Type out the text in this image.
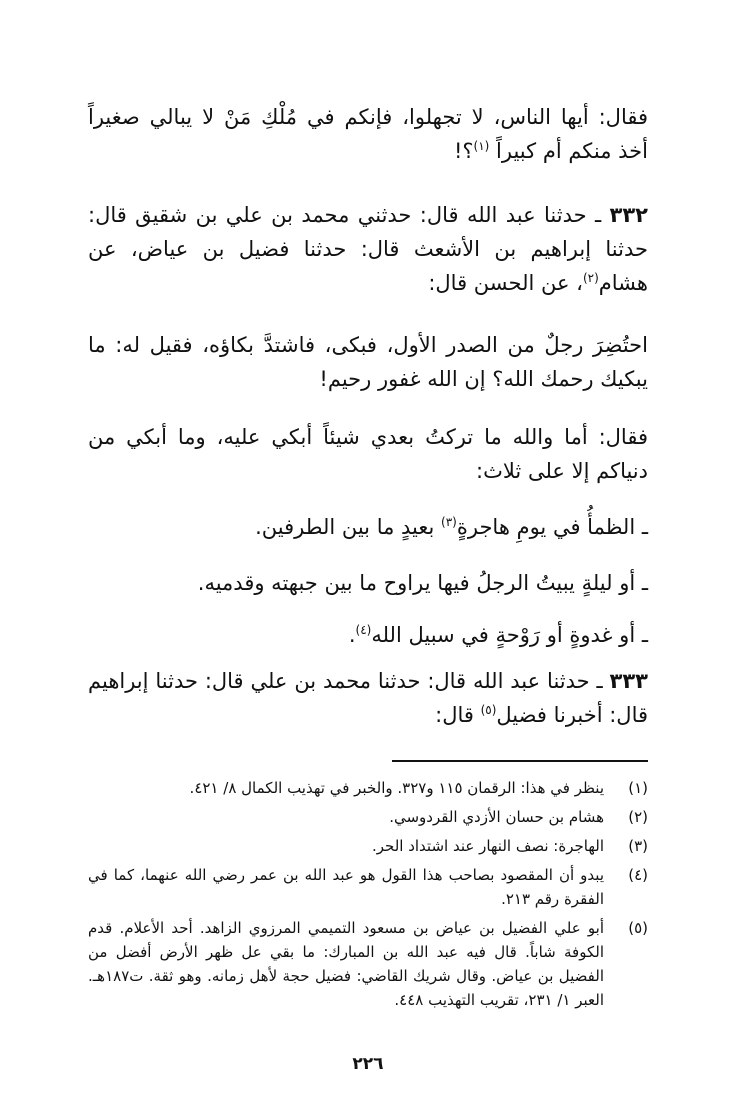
فقال: أيها الناس، لا تجهلوا، فإنكم في مُلْكِ مَنْ لا يبالي صغيراً أخذ منكم أم كبيراً $^{(١)}$؟!

٣٣٢ ـ حدثنا عبد الله قال: حدثني محمد بن علي بن شقيق قال: حدثنا إبراهيم بن الأشعث قال: حدثنا فضيل بن عياض، عن هشام$^{(٢)}$، عن الحسن قال:

احتُضِرَ رجلٌ من الصدر الأول، فبكى، فاشتدَّ بكاؤه، فقيل له: ما يبكيك رحمك الله؟ إن الله غفور رحيم!

فقال: أما والله ما تركتُ بعدي شيئاً أبكي عليه، وما أبكي من دنياكم إلا على ثلاث:

ـ الظمأُ في يومِ هاجرةٍ$^{(٣)}$ بعيدٍ ما بين الطرفين.

ـ أو ليلةٍ يبيتُ الرجلُ فيها يراوح ما بين جبهته وقدميه.

ـ أو غدوةٍ أو رَوْحةٍ في سبيل الله$^{(٤)}$.

٣٣٣ ـ حدثنا عبد الله قال: حدثنا محمد بن علي قال: حدثنا إبراهيم قال: أخبرنا فضيل$^{(٥)}$ قال:

(١)
ينظر في هذا: الرقمان ١١٥ و٣٢٧. والخبر في تهذيب الكمال ٨/ ٤٢١.
(٢)
هشام بن حسان الأزدي القردوسي.
(٣)
الهاجرة: نصف النهار عند اشتداد الحر.
(٤)
يبدو أن المقصود بصاحب هذا القول هو عبد الله بن عمر رضي الله عنهما، كما في الفقرة رقم ٢١٣.
(٥)
أبو علي الفضيل بن عياض بن مسعود التميمي المرزوي الزاهد. أحد الأعلام. قدم الكوفة شاباً. قال فيه عبد الله بن المبارك: ما بقي عل ظهر الأرض أفضل من الفضيل بن عياض. وقال شريك القاضي: فضيل حجة لأهل زمانه. وهو ثقة. ت١٨٧هـ. العبر ١/ ٢٣١، تقريب التهذيب ٤٤٨.
٢٢٦
